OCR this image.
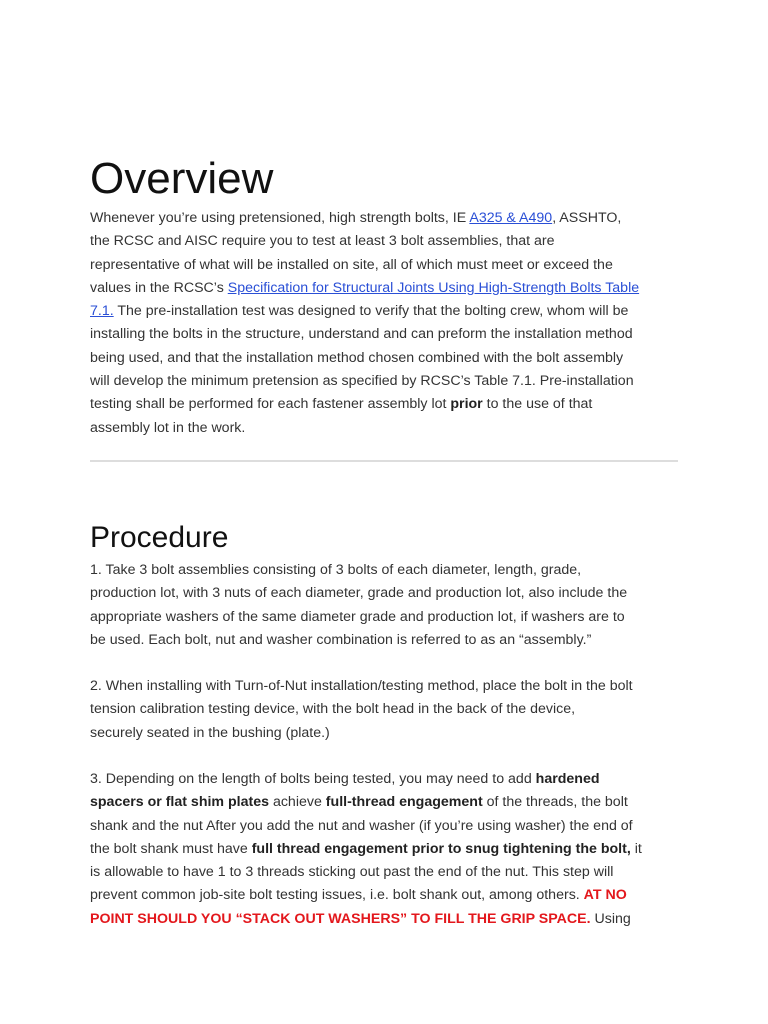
Overview
Whenever you’re using pretensioned, high strength bolts, IE A325 & A490, ASSHTO,
the RCSC and AISC require you to test at least 3 bolt assemblies, that are
representative of what will be installed on site, all of which must meet or exceed the
values in the RCSC’s Specification for Structural Joints Using High-Strength Bolts Table
7.1. The pre-installation test was designed to verify that the bolting crew, whom will be
installing the bolts in the structure, understand and can preform the installation method
being used, and that the installation method chosen combined with the bolt assembly
will develop the minimum pretension as specified by RCSC’s Table 7.1. Pre-installation
testing shall be performed for each fastener assembly lot prior to the use of that
assembly lot in the work.
Procedure
1. Take 3 bolt assemblies consisting of 3 bolts of each diameter, length, grade,
production lot, with 3 nuts of each diameter, grade and production lot, also include the
appropriate washers of the same diameter grade and production lot, if washers are to
be used. Each bolt, nut and washer combination is referred to as an “assembly.”
2. When installing with Turn-of-Nut installation/testing method, place the bolt in the bolt
tension calibration testing device, with the bolt head in the back of the device,
securely seated in the bushing (plate.)
3. Depending on the length of bolts being tested, you may need to add hardened
spacers or flat shim plates achieve full-thread engagement of the threads, the bolt
shank and the nut After you add the nut and washer (if you’re using washer) the end of
the bolt shank must have full thread engagement prior to snug tightening the bolt, it
is allowable to have 1 to 3 threads sticking out past the end of the nut. This step will
prevent common job-site bolt testing issues, i.e. bolt shank out, among others. AT NO
POINT SHOULD YOU “STACK OUT WASHERS” TO FILL THE GRIP SPACE. Using
